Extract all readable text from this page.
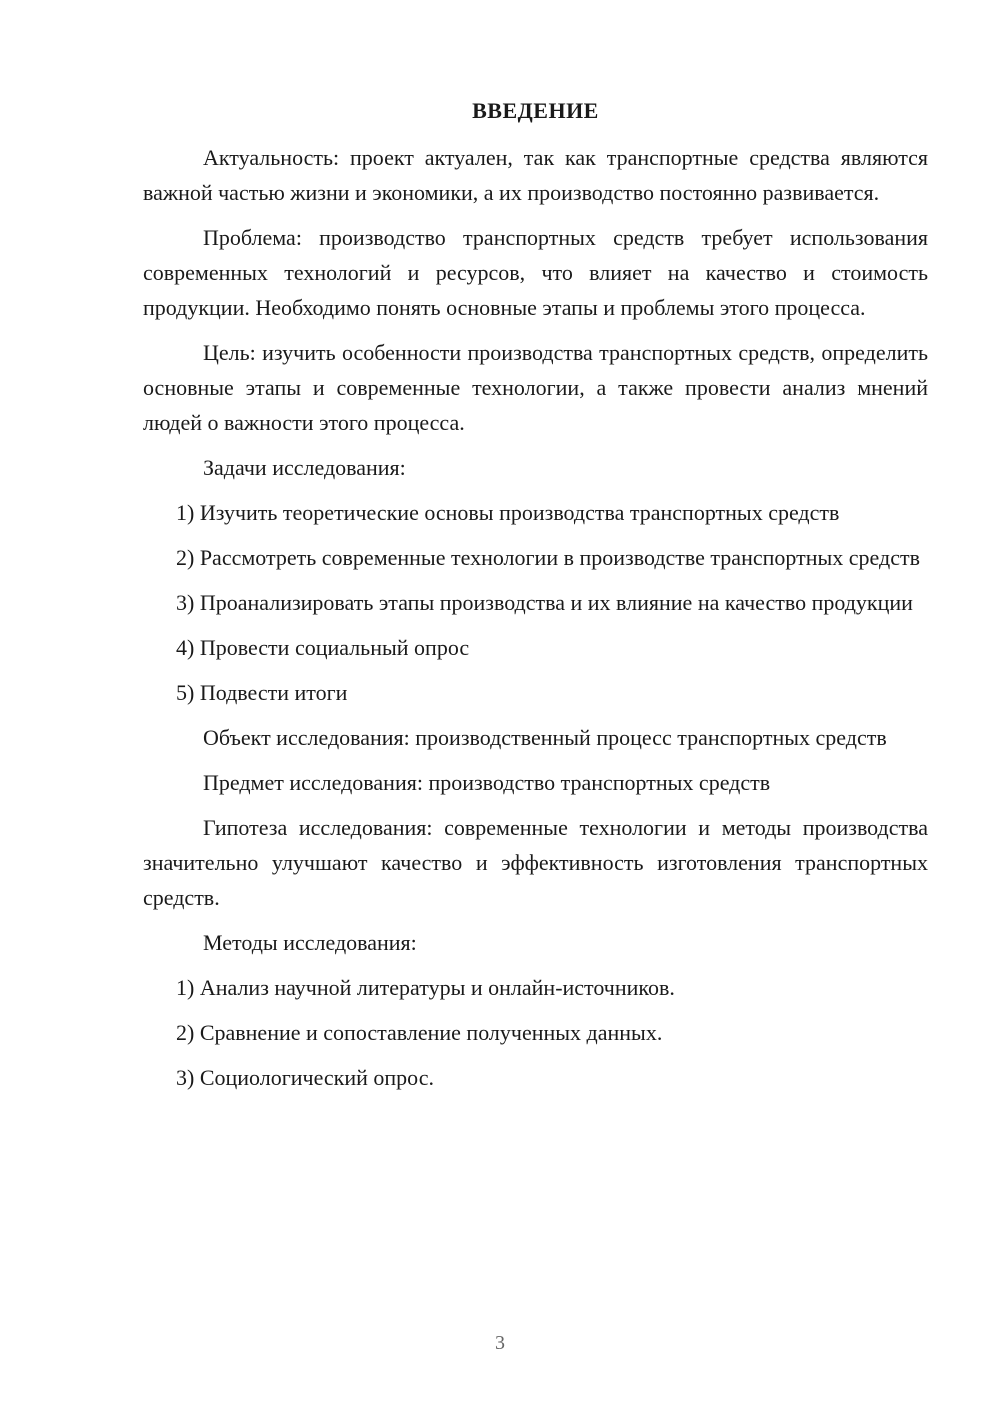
ВВЕДЕНИЕ

Актуальность: проект актуален, так как транспортные средства являются важной частью жизни и экономики, а их производство постоянно развивается.

Проблема: производство транспортных средств требует использования современных технологий и ресурсов, что влияет на качество и стоимость продукции. Необходимо понять основные этапы и проблемы этого процесса.

Цель: изучить особенности производства транспортных средств, определить основные этапы и современные технологии, а также провести анализ мнений людей о важности этого процесса.

Задачи исследования:

1) Изучить теоретические основы производства транспортных средств

2) Рассмотреть современные технологии в производстве транспортных средств

3) Проанализировать этапы производства и их влияние на качество продукции

4) Провести социальный опрос

5) Подвести итоги

Объект исследования: производственный процесс транспортных средств

Предмет исследования: производство транспортных средств

Гипотеза исследования: современные технологии и методы производства значительно улучшают качество и эффективность изготовления транспортных средств.

Методы исследования:

1) Анализ научной литературы и онлайн-источников.

2) Сравнение и сопоставление полученных данных.

3) Социологический опрос.

3
